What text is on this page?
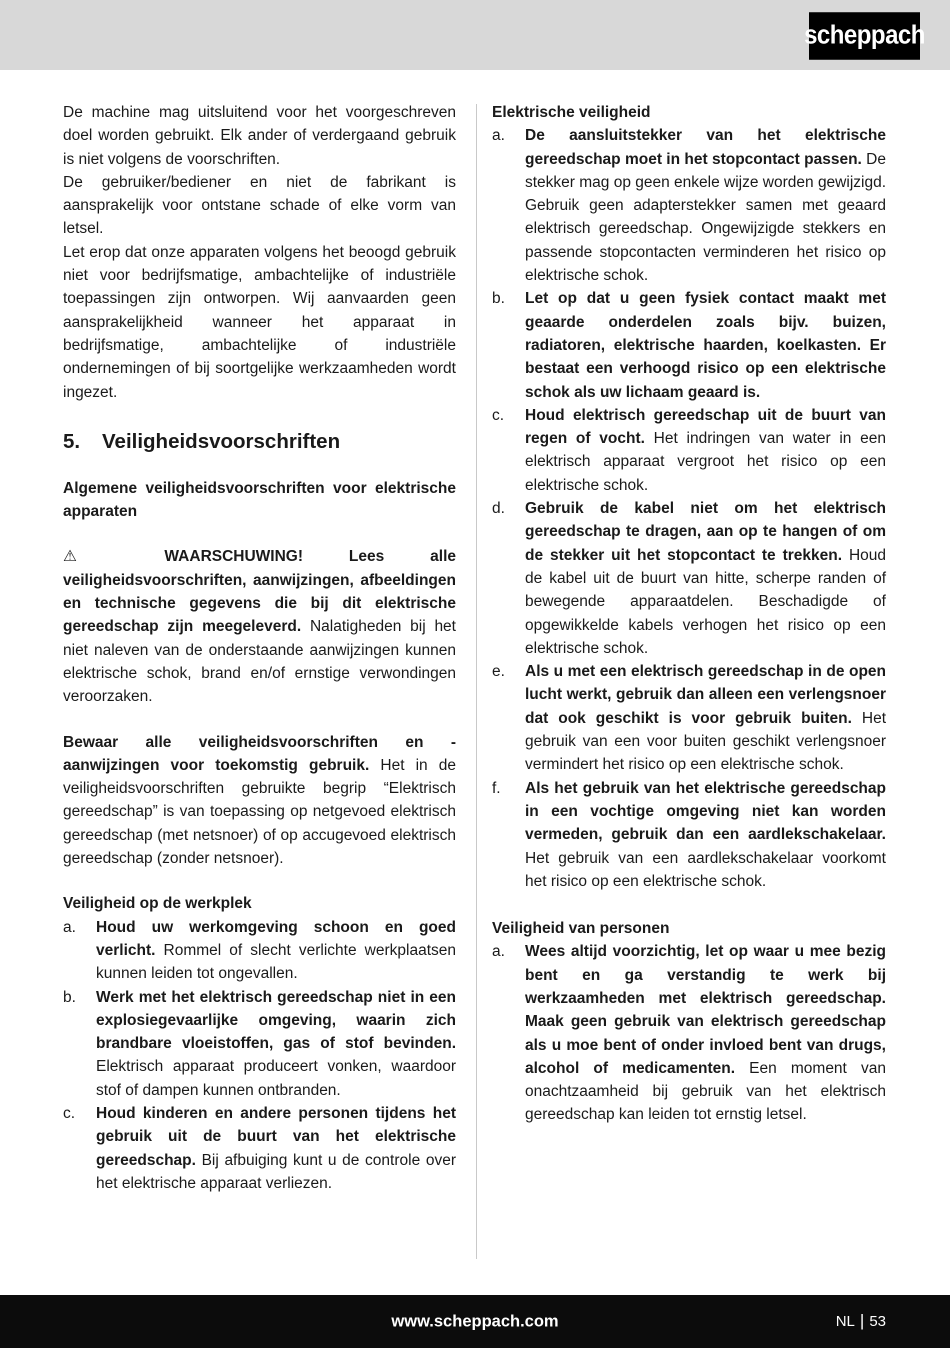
scheppach

De machine mag uitsluitend voor het voorgeschreven doel worden gebruikt. Elk ander of verdergaand gebruik is niet volgens de voorschriften.

De gebruiker/bediener en niet de fabrikant is aansprakelijk voor ontstane schade of elke vorm van letsel.

Let erop dat onze apparaten volgens het beoogd gebruik niet voor bedrijfsmatige, ambachtelijke of industriële toepassingen zijn ontworpen. Wij aanvaarden geen aansprakelijkheid wanneer het apparaat in bedrijfsmatige, ambachtelijke of industriële ondernemingen of bij soortgelijke werkzaamheden wordt ingezet.

5.	Veiligheidsvoorschriften

Algemene veiligheidsvoorschriften voor elektrische apparaten

⚠	WAARSCHUWING! Lees alle veiligheidsvoorschriften, aanwijzingen, afbeeldingen en technische gegevens die bij dit elektrische gereedschap zijn meegeleverd. Nalatigheden bij het niet naleven van de onderstaande aanwijzingen kunnen elektrische schok, brand en/of ernstige verwondingen veroorzaken.

Bewaar alle veiligheidsvoorschriften en -aanwijzingen voor toekomstig gebruik. Het in de veiligheidsvoorschriften gebruikte begrip “Elektrisch gereedschap” is van toepassing op netgevoed elektrisch gereedschap (met netsnoer) of op accugevoed elektrisch gereedschap (zonder netsnoer).

Veiligheid op de werkplek

a.	Houd uw werkomgeving schoon en goed verlicht. Rommel of slecht verlichte werkplaatsen kunnen leiden tot ongevallen.
b.	Werk met het elektrisch gereedschap niet in een explosiegevaarlijke omgeving, waarin zich brandbare vloeistoffen, gas of stof bevinden. Elektrisch apparaat produceert vonken, waardoor stof of dampen kunnen ontbranden.
c.	Houd kinderen en andere personen tijdens het gebruik uit de buurt van het elektrische gereedschap. Bij afbuiging kunt u de controle over het elektrische apparaat verliezen.

Elektrische veiligheid

a.	De aansluitstekker van het elektrische gereedschap moet in het stopcontact passen. De stekker mag op geen enkele wijze worden gewijzigd. Gebruik geen adapterstekker samen met geaard elektrisch gereedschap. Ongewijzigde stekkers en passende stopcontacten verminderen het risico op elektrische schok.
b.	Let op dat u geen fysiek contact maakt met geaarde onderdelen zoals bijv. buizen, radiatoren, elektrische haarden, koelkasten. Er bestaat een verhoogd risico op een elektrische schok als uw lichaam geaard is.
c.	Houd elektrisch gereedschap uit de buurt van regen of vocht. Het indringen van water in een elektrisch apparaat vergroot het risico op een elektrische schok.
d.	Gebruik de kabel niet om het elektrisch gereedschap te dragen, aan op te hangen of om de stekker uit het stopcontact te trekken. Houd de kabel uit de buurt van hitte, scherpe randen of bewegende apparaatdelen. Beschadigde of opgewikkelde kabels verhogen het risico op een elektrische schok.
e.	Als u met een elektrisch gereedschap in de open lucht werkt, gebruik dan alleen een verlengsnoer dat ook geschikt is voor gebruik buiten. Het gebruik van een voor buiten geschikt verlengsnoer vermindert het risico op een elektrische schok.
f.	Als het gebruik van het elektrische gereedschap in een vochtige omgeving niet kan worden vermeden, gebruik dan een aardlekschakelaar. Het gebruik van een aardlekschakelaar voorkomt het risico op een elektrische schok.

Veiligheid van personen

a.	Wees altijd voorzichtig, let op waar u mee bezig bent en ga verstandig te werk bij werkzaamheden met elektrisch gereedschap. Maak geen gebruik van elektrisch gereedschap als u moe bent of onder invloed bent van drugs, alcohol of medicamenten. Een moment van onachtzaamheid bij gebruik van het elektrisch gereedschap kan leiden tot ernstig letsel.
www.scheppach.com	NL | 53
